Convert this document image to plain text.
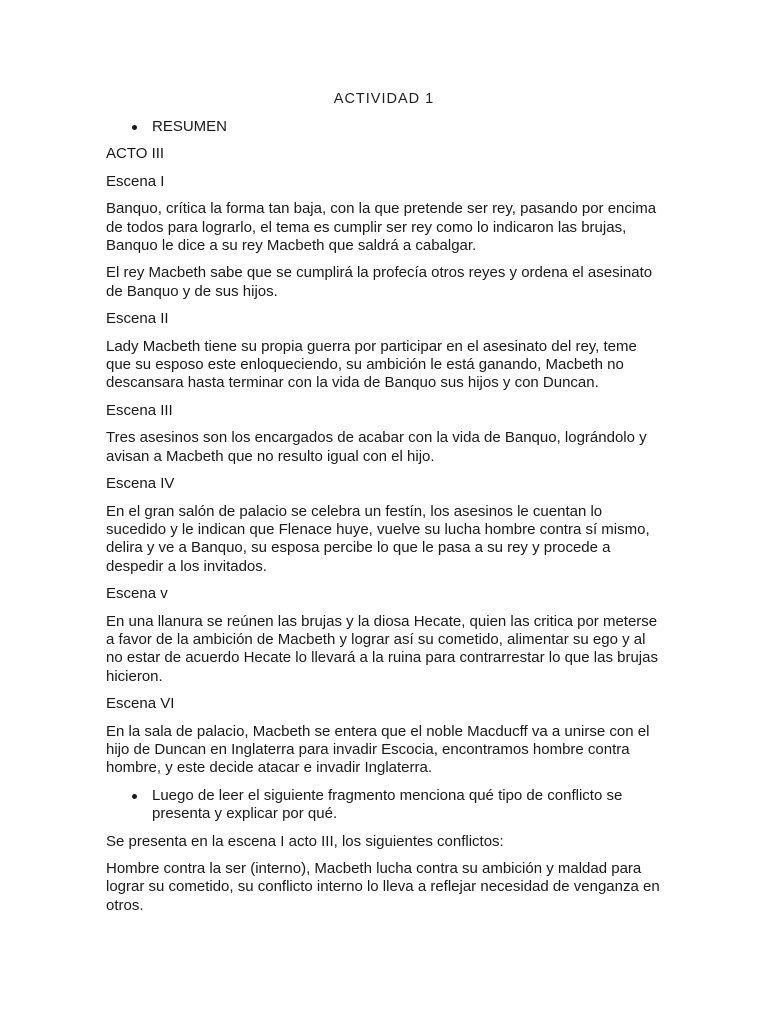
ACTIVIDAD 1
RESUMEN
ACTO III
Escena I

Banquo, crítica la forma tan baja, con la que pretende ser rey, pasando por encima de todos para lograrlo, el tema es cumplir ser rey como lo indicaron las brujas, Banquo le dice a su rey Macbeth que saldrá a cabalgar.

El rey Macbeth sabe que se cumplirá la profecía otros reyes y ordena el asesinato de Banquo y de sus hijos.

Escena II

Lady Macbeth tiene su propia guerra por participar en el asesinato del rey, teme que su esposo este enloqueciendo, su ambición le está ganando, Macbeth no descansara hasta terminar con la vida de Banquo sus hijos y con Duncan.

Escena III

Tres asesinos son los encargados de acabar con la vida de Banquo, lográndolo y avisan a Macbeth que no resulto igual con el hijo.

Escena IV

En el gran salón de palacio se celebra un festín, los asesinos le cuentan lo sucedido y le indican que Flenace huye, vuelve su lucha hombre contra sí mismo, delira y ve a Banquo, su esposa percibe lo que le pasa a su rey y procede a despedir a los invitados.

Escena v

En una llanura se reúnen las brujas y la diosa Hecate, quien las critica por meterse a favor de la ambición de Macbeth y lograr así su cometido, alimentar su ego y al no estar de acuerdo Hecate lo llevará a la ruina para contrarrestar lo que las brujas hicieron.

Escena VI

En la sala de palacio, Macbeth se entera que el noble Macducff va a unirse con el hijo de Duncan en Inglaterra para invadir Escocia, encontramos hombre contra hombre, y este decide atacar e invadir Inglaterra.

Luego de leer el siguiente fragmento menciona qué tipo de conflicto se presenta y explicar por qué.

Se presenta en la escena I acto III, los siguientes conflictos:

Hombre contra la ser (interno), Macbeth lucha contra su ambición y maldad para lograr su cometido, su conflicto interno lo lleva a reflejar necesidad de venganza en otros.
